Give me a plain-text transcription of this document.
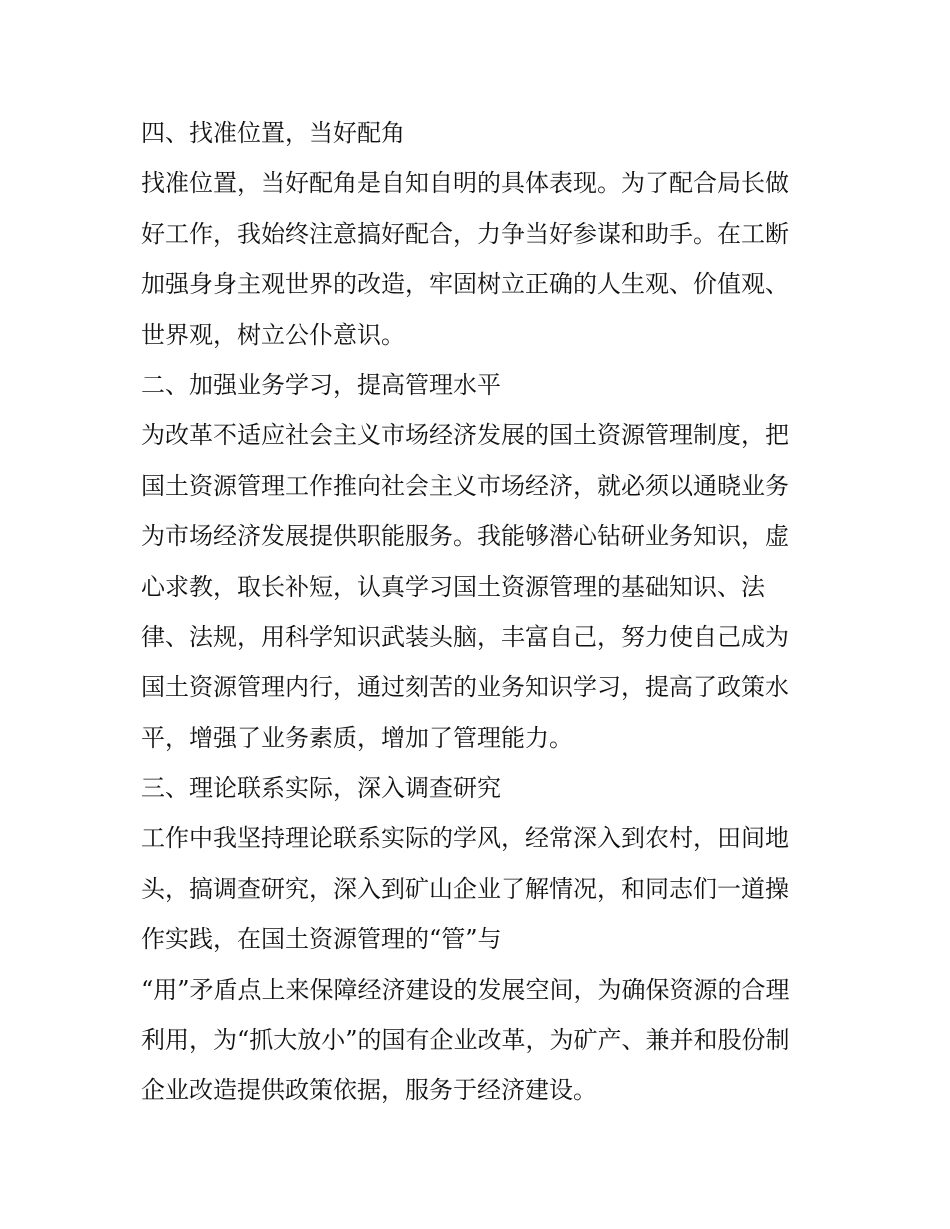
四、找准位置，当好配角
找准位置，当好配角是自知自明的具体表现。为了配合局长做
好工作，我始终注意搞好配合，力争当好参谋和助手。在工断
加强身身主观世界的改造，牢固树立正确的人生观、价值观、
世界观，树立公仆意识。
二、加强业务学习，提高管理水平
为改革不适应社会主义市场经济发展的国土资源管理制度，把
国土资源管理工作推向社会主义市场经济，就必须以通晓业务
为市场经济发展提供职能服务。我能够潜心钻研业务知识，虚
心求教，取长补短，认真学习国土资源管理的基础知识、法
律、法规，用科学知识武装头脑，丰富自己，努力使自己成为
国土资源管理内行，通过刻苦的业务知识学习，提高了政策水
平，增强了业务素质，增加了管理能力。
三、理论联系实际，深入调查研究
工作中我坚持理论联系实际的学风，经常深入到农村，田间地
头，搞调查研究，深入到矿山企业了解情况，和同志们一道操
作实践，在国土资源管理的“管”与
“用”矛盾点上来保障经济建设的发展空间，为确保资源的合理
利用，为“抓大放小”的国有企业改革，为矿产、兼并和股份制
企业改造提供政策依据，服务于经济建设。
